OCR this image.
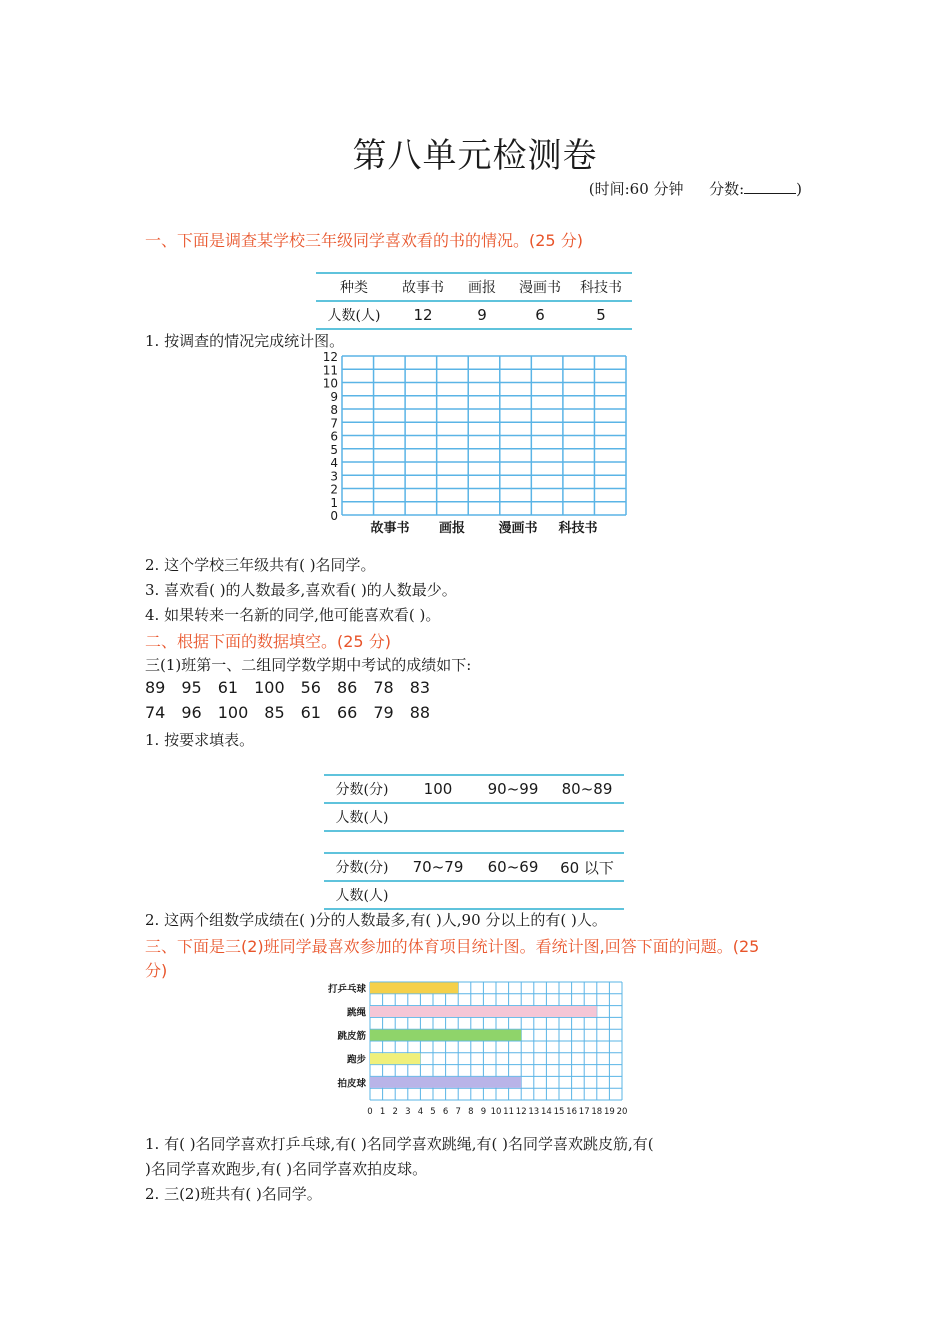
第八单元检测卷
(时间:60 分钟 分数:	)
一、下面是调查某学校三年级同学喜欢看的书的情况。(25 分)
种类	故事书	画报	漫画书	科技书
人数(人)	12	9	6	5
1. 按调查的情况完成统计图。
0
1
2
3
4
5
6
7
8
9
10
11
12
故事书 画报	漫画书 科技书
2. 这个学校三年级共有( )名同学。
3. 喜欢看( )的人数最多,喜欢看( )的人数最少。
4. 如果转来一名新的同学,他可能喜欢看( )。
二、根据下面的数据填空。(25 分)
三(1)班第一、二组同学数学期中考试的成绩如下:
89 95 61 100 56 86 78 83
74 96 100 85 61 66 79 88
1. 按要求填表。
分数(分)	100	90~99	80~89
人数(人)			
分数(分)	70~79	60~69	60 以下
人数(人)			
2. 这两个组数学成绩在( )分的人数最多,有( )人,90 分以上的有( )人。
三、下面是三(2)班同学最喜欢参加的体育项目统计图。看统计图,回答下面的问题。(25
分)
打乒乓球
跳绳
跳皮筋
跑步
拍皮球
0 1 2 3 4 5 6 7 8 9 10 11 12 13 14 15 16 17 18 19 20
1. 有( )名同学喜欢打乒乓球,有( )名同学喜欢跳绳,有( )名同学喜欢跳皮筋,有(
)名同学喜欢跑步,有( )名同学喜欢拍皮球。
2. 三(2)班共有( )名同学。
